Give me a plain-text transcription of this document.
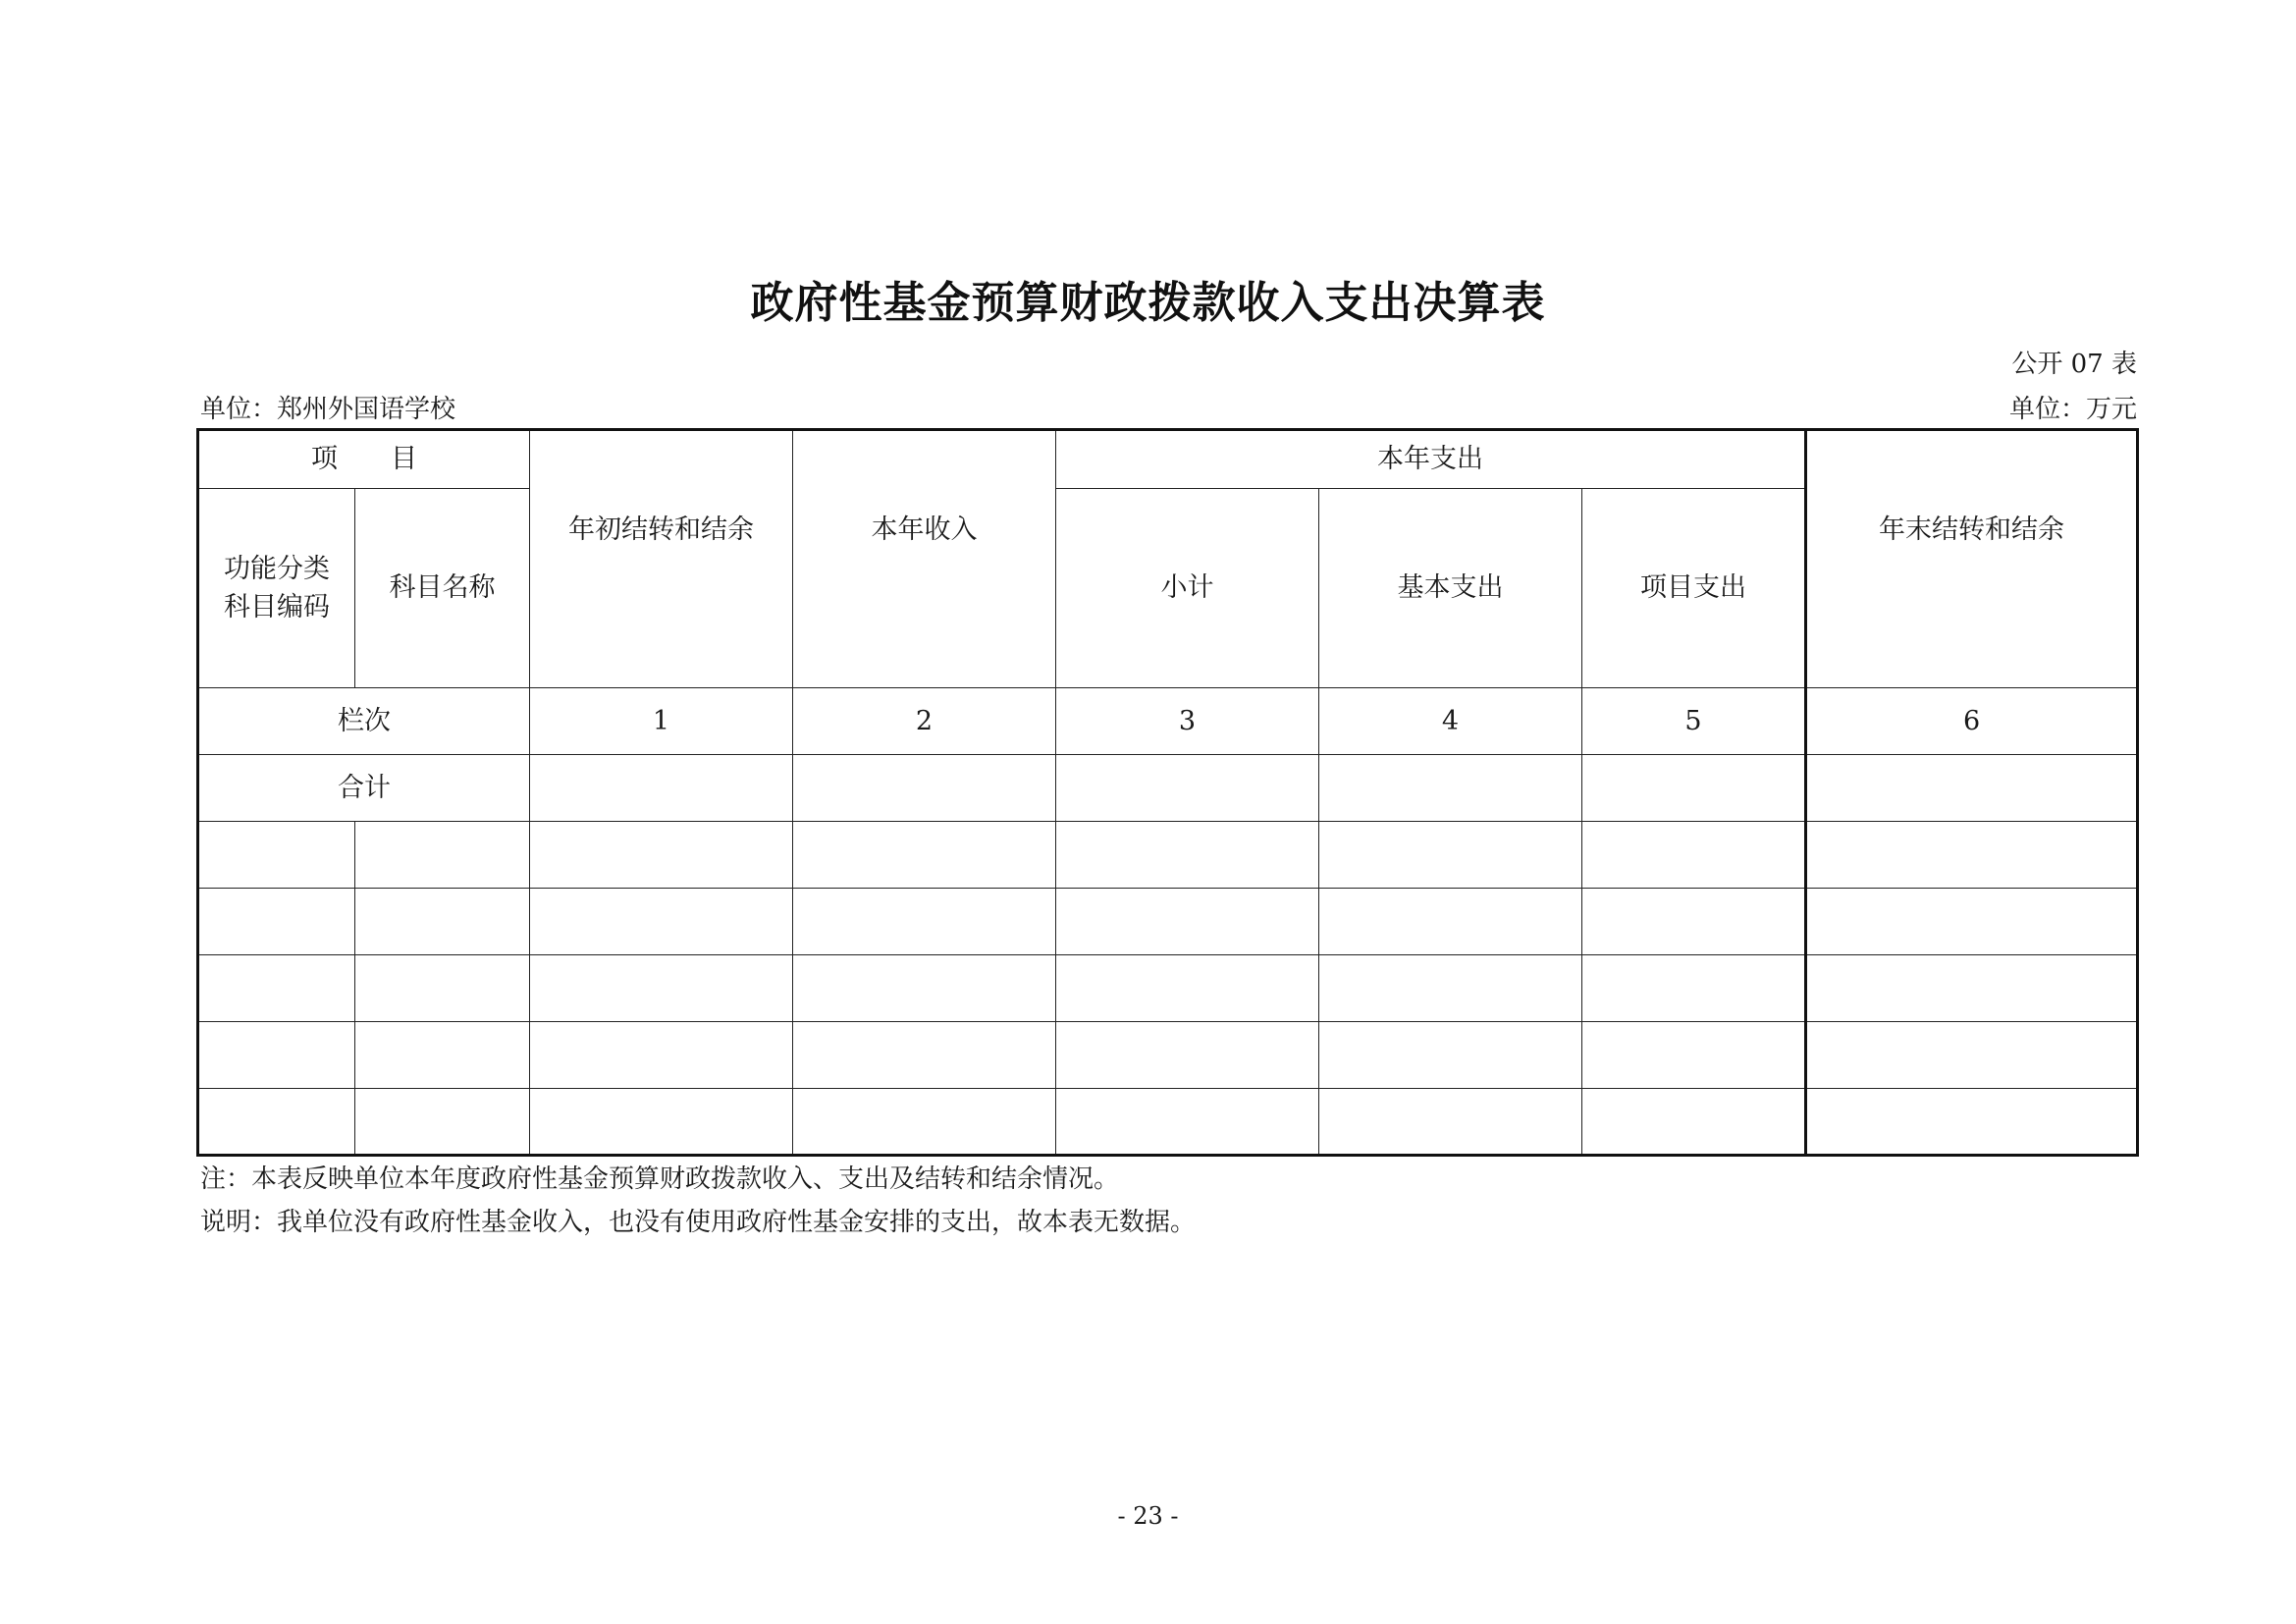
政府性基金预算财政拨款收入支出决算表
公开 07 表
单位：郑州外国语学校	单位：万元
项　　目		年初结转和结余	本年收入	本年支出			年末结转和结余
功能分类
科目编码	科目名称			小计	基本支出	项目支出	
栏次		1	2	3	4	5	6
合计							

注：本表反映单位本年度政府性基金预算财政拨款收入、支出及结转和结余情况。
说明：我单位没有政府性基金收入，也没有使用政府性基金安排的支出，故本表无数据。
- 23 -
